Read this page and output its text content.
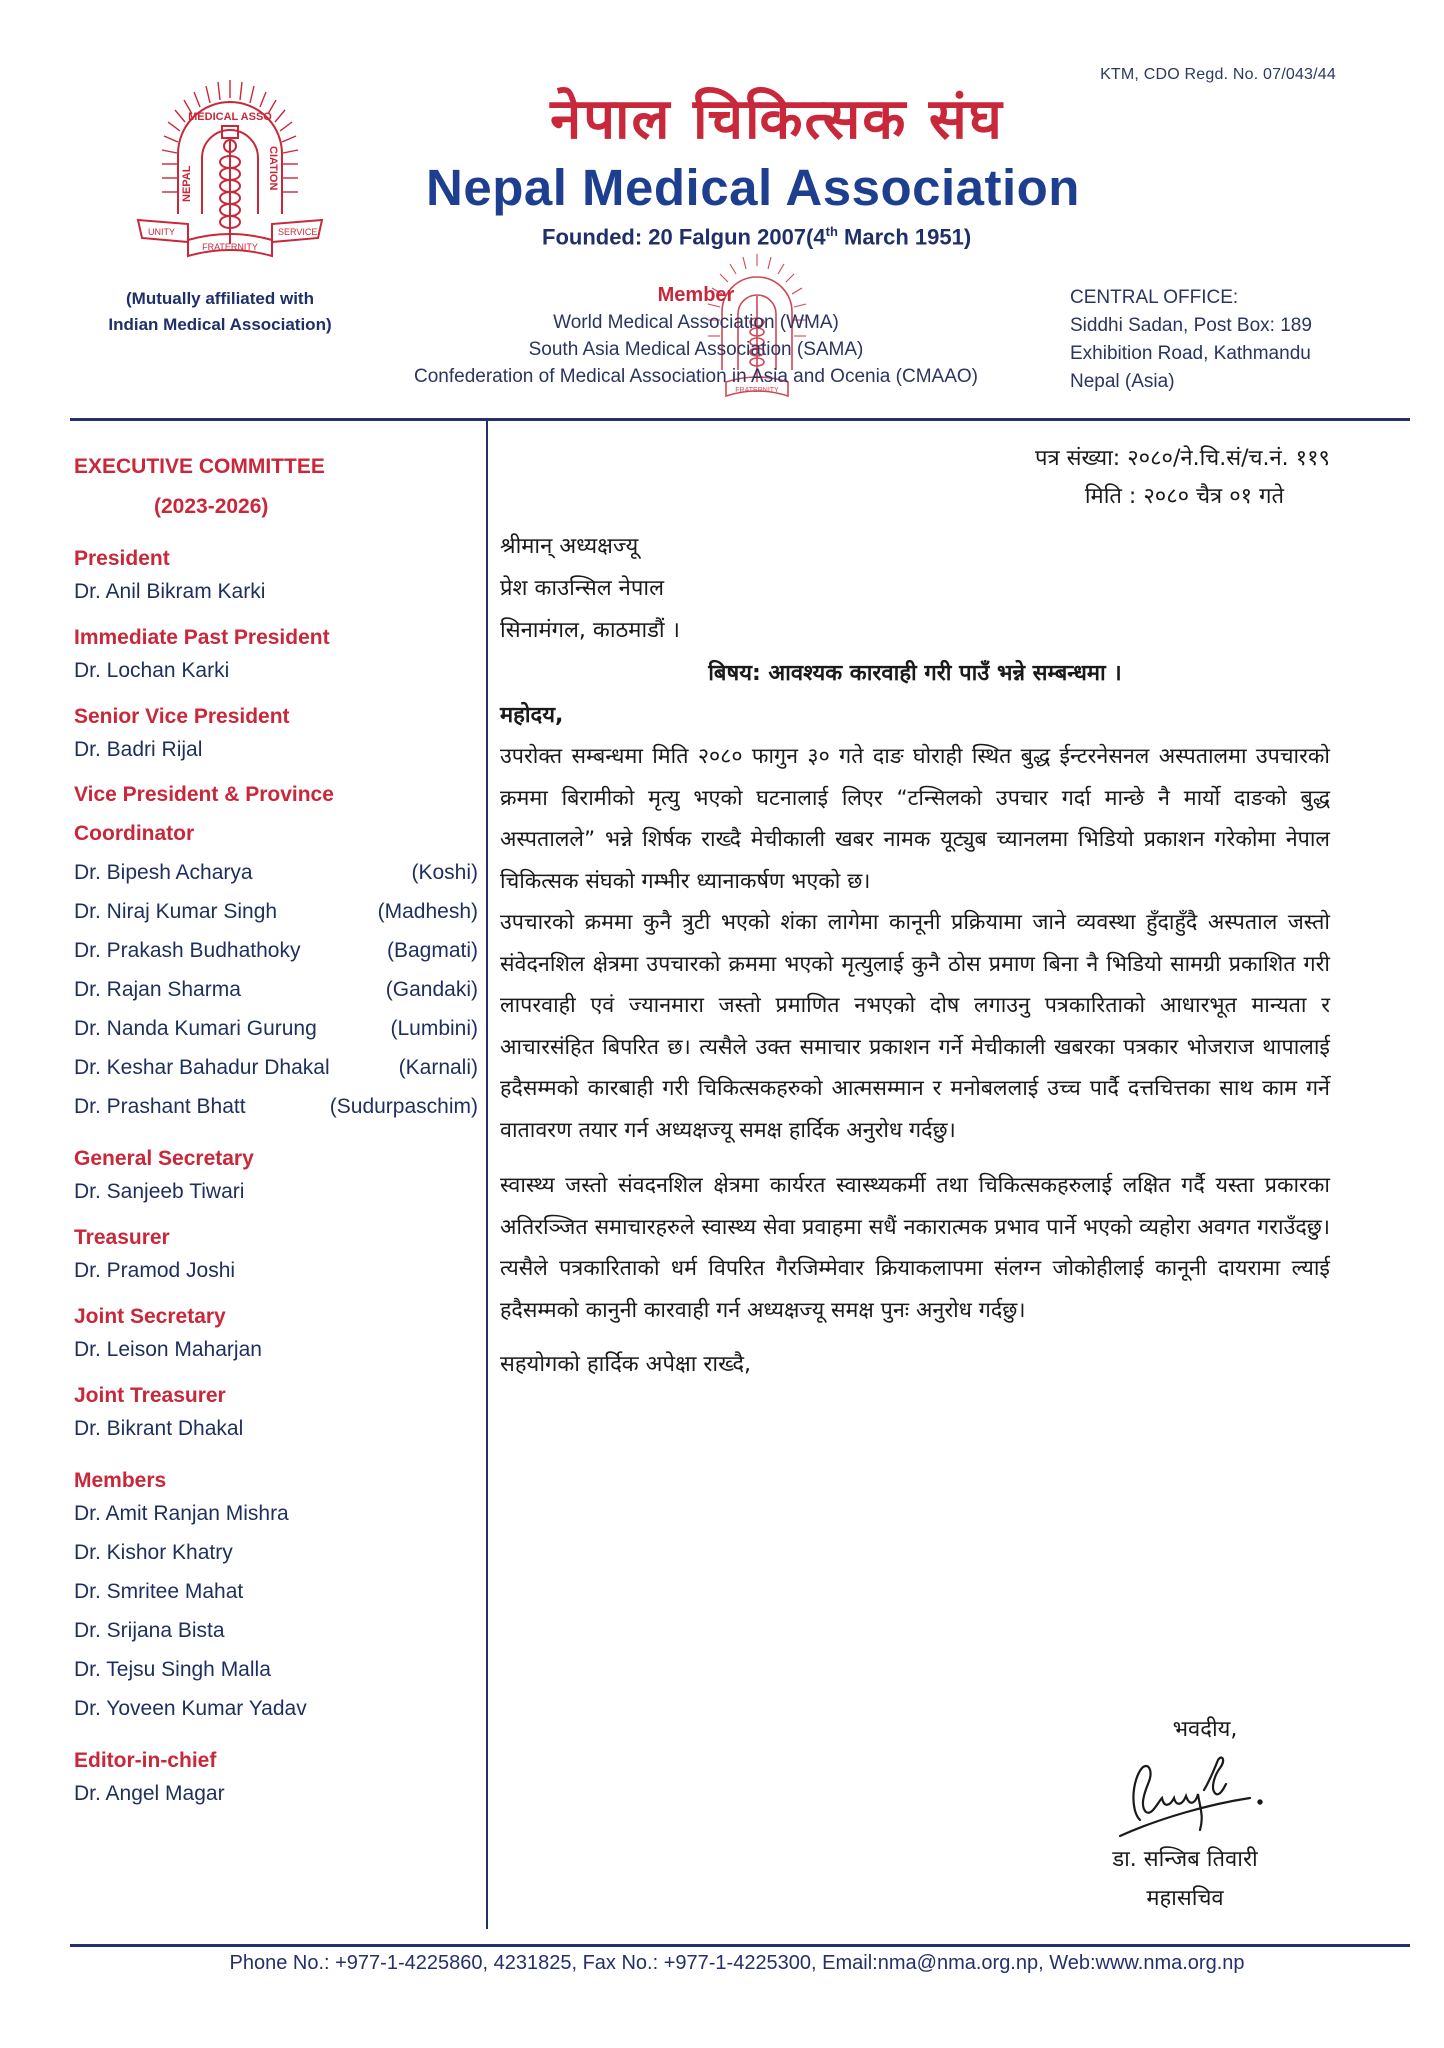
KTM, CDO Regd. No. 07/043/44
MEDICAL ASSO
NEPAL	CIATION
UNITY	SERVICE
FRATERNITY
(Mutually affiliated with
Indian Medical Association)
नेपाल चिकित्सक संघ
Nepal Medical Association
Founded: 20 Falgun 2007(4th March 1951)
FRATERNITY
Member
World Medical Association (WMA)
South Asia Medical Association (SAMA)
Confederation of Medical Association in Asia and Ocenia (CMAAO)
CENTRAL OFFICE:
Siddhi Sadan, Post Box: 189
Exhibition Road, Kathmandu
Nepal (Asia)
EXECUTIVE COMMITTEE
(2023-2026)
President
Dr. Anil Bikram Karki
Immediate Past President
Dr. Lochan Karki
Senior Vice President
Dr. Badri Rijal
Vice President & Province
Coordinator
Dr. Bipesh Acharya	(Koshi)
Dr. Niraj Kumar Singh	(Madhesh)
Dr. Prakash Budhathoky	(Bagmati)
Dr. Rajan Sharma	(Gandaki)
Dr. Nanda Kumari Gurung	(Lumbini)
Dr. Keshar Bahadur Dhakal	(Karnali)
Dr. Prashant Bhatt	(Sudurpaschim)
General Secretary
Dr. Sanjeeb Tiwari
Treasurer
Dr. Pramod Joshi
Joint Secretary
Dr. Leison Maharjan
Joint Treasurer
Dr. Bikrant Dhakal
Members
Dr. Amit Ranjan Mishra
Dr. Kishor Khatry
Dr. Smritee Mahat
Dr. Srijana Bista
Dr. Tejsu Singh Malla
Dr. Yoveen Kumar Yadav
Editor-in-chief
Dr. Angel Magar
पत्र संख्या: २०८०/ने.चि.सं/च.नं. ११९
मिति : २०८० चैत्र ०१ गते
श्रीमान् अध्यक्षज्यू
प्रेश काउन्सिल नेपाल
सिनामंगल, काठमाडौं ।
बिषय: आवश्यक कारवाही गरी पाउँ भन्ने सम्बन्धमा ।
महोदय,

उपरोक्त सम्बन्धमा मिति २०८० फागुन ३० गते दाङ घोराही स्थित बुद्ध ईन्टरनेसनल अस्पतालमा उपचारको क्रममा बिरामीको मृत्यु भएको घटनालाई लिएर “टन्सिलको उपचार गर्दा मान्छे नै मार्यो दाङको बुद्ध अस्पतालले” भन्ने शिर्षक राख्दै मेचीकाली खबर नामक यूट्युब च्यानलमा भिडियो प्रकाशन गरेकोमा नेपाल चिकित्सक संघको गम्भीर ध्यानाकर्षण भएको छ।

उपचारको क्रममा कुनै त्रुटी भएको शंका लागेमा कानूनी प्रक्रियामा जाने व्यवस्था हुँदाहुँदै अस्पताल जस्तो संवेदनशिल क्षेत्रमा उपचारको क्रममा भएको मृत्युलाई कुनै ठोस प्रमाण बिना नै भिडियो सामग्री प्रकाशित गरी लापरवाही एवं ज्यानमारा जस्तो प्रमाणित नभएको दोष लगाउनु पत्रकारिताको आधारभूत मान्यता र आचारसंहित बिपरित छ। त्यसैले उक्त समाचार प्रकाशन गर्ने मेचीकाली खबरका पत्रकार भोजराज थापालाई हदैसम्मको कारबाही गरी चिकित्सकहरुको आत्मसम्मान र मनोबललाई उच्च पार्दै दत्तचित्तका साथ काम गर्ने वातावरण तयार गर्न अध्यक्षज्यू समक्ष हार्दिक अनुरोध गर्दछु।

स्वास्थ्य जस्तो संवदनशिल क्षेत्रमा कार्यरत स्वास्थ्यकर्मी तथा चिकित्सकहरुलाई लक्षित गर्दै यस्ता प्रकारका अतिरञ्जित समाचारहरुले स्वास्थ्य सेवा प्रवाहमा सधैं नकारात्मक प्रभाव पार्ने भएको व्यहोरा अवगत गराउँदछु। त्यसैले पत्रकारिताको धर्म विपरित गैरजिम्मेवार क्रियाकलापमा संलग्न जोकोहीलाई कानूनी दायरामा ल्याई हदैसम्मको कानुनी कारवाही गर्न अध्यक्षज्यू समक्ष पुनः अनुरोध गर्दछु।

सहयोगको हार्दिक अपेक्षा राख्दै,
भवदीय,
डा. सन्जिब तिवारी
महासचिव
Phone No.: +977-1-4225860, 4231825, Fax No.: +977-1-4225300, Email:nma@nma.org.np, Web:www.nma.org.np
